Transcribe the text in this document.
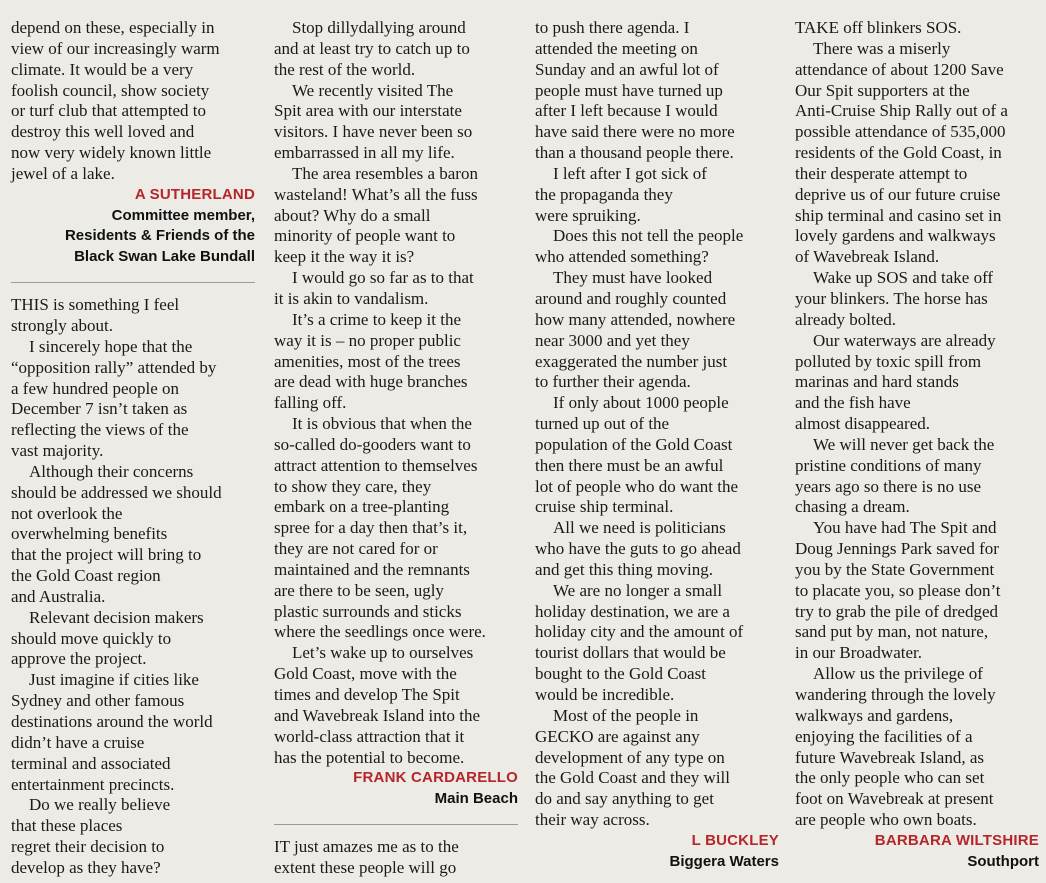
depend on these, especially in
view of our increasingly warm
climate. It would be a very
foolish council, show society
or turf club that attempted to
destroy this well loved and
now very widely known little
jewel of a lake.
A SUTHERLAND
Committee member,
Residents & Friends of the
Black Swan Lake Bundall
THIS is something I feel
strongly about.
I sincerely hope that the
“opposition rally” attended by
a few hundred people on
December 7 isn’t taken as
reflecting the views of the
vast majority.
Although their concerns
should be addressed we should
not overlook the
overwhelming benefits
that the project will bring to
the Gold Coast region
and Australia.
Relevant decision makers
should move quickly to
approve the project.
Just imagine if cities like
Sydney and other famous
destinations around the world
didn’t have a cruise
terminal and associated
entertainment precincts.
Do we really believe
that these places
regret their decision to
develop as they have?
Stop dillydallying around
and at least try to catch up to
the rest of the world.
We recently visited The
Spit area with our interstate
visitors. I have never been so
embarrassed in all my life.
The area resembles a baron
wasteland! What’s all the fuss
about? Why do a small
minority of people want to
keep it the way it is?
I would go so far as to that
it is akin to vandalism.
It’s a crime to keep it the
way it is – no proper public
amenities, most of the trees
are dead with huge branches
falling off.
It is obvious that when the
so-called do-gooders want to
attract attention to themselves
to show they care, they
embark on a tree-planting
spree for a day then that’s it,
they are not cared for or
maintained and the remnants
are there to be seen, ugly
plastic surrounds and sticks
where the seedlings once were.
Let’s wake up to ourselves
Gold Coast, move with the
times and develop The Spit
and Wavebreak Island into the
world-class attraction that it
has the potential to become.
FRANK CARDARELLO
Main Beach
IT just amazes me as to the
extent these people will go
to push there agenda. I
attended the meeting on
Sunday and an awful lot of
people must have turned up
after I left because I would
have said there were no more
than a thousand people there.
I left after I got sick of
the propaganda they
were spruiking.
Does this not tell the people
who attended something?
They must have looked
around and roughly counted
how many attended, nowhere
near 3000 and yet they
exaggerated the number just
to further their agenda.
If only about 1000 people
turned up out of the
population of the Gold Coast
then there must be an awful
lot of people who do want the
cruise ship terminal.
All we need is politicians
who have the guts to go ahead
and get this thing moving.
We are no longer a small
holiday destination, we are a
holiday city and the amount of
tourist dollars that would be
bought to the Gold Coast
would be incredible.
Most of the people in
GECKO are against any
development of any type on
the Gold Coast and they will
do and say anything to get
their way across.
L BUCKLEY
Biggera Waters
TAKE off blinkers SOS.
There was a miserly
attendance of about 1200 Save
Our Spit supporters at the
Anti-Cruise Ship Rally out of a
possible attendance of 535,000
residents of the Gold Coast, in
their desperate attempt to
deprive us of our future cruise
ship terminal and casino set in
lovely gardens and walkways
of Wavebreak Island.
Wake up SOS and take off
your blinkers. The horse has
already bolted.
Our waterways are already
polluted by toxic spill from
marinas and hard stands
and the fish have
almost disappeared.
We will never get back the
pristine conditions of many
years ago so there is no use
chasing a dream.
You have had The Spit and
Doug Jennings Park saved for
you by the State Government
to placate you, so please don’t
try to grab the pile of dredged
sand put by man, not nature,
in our Broadwater.
Allow us the privilege of
wandering through the lovely
walkways and gardens,
enjoying the facilities of a
future Wavebreak Island, as
the only people who can set
foot on Wavebreak at present
are people who own boats.
BARBARA WILTSHIRE
Southport
